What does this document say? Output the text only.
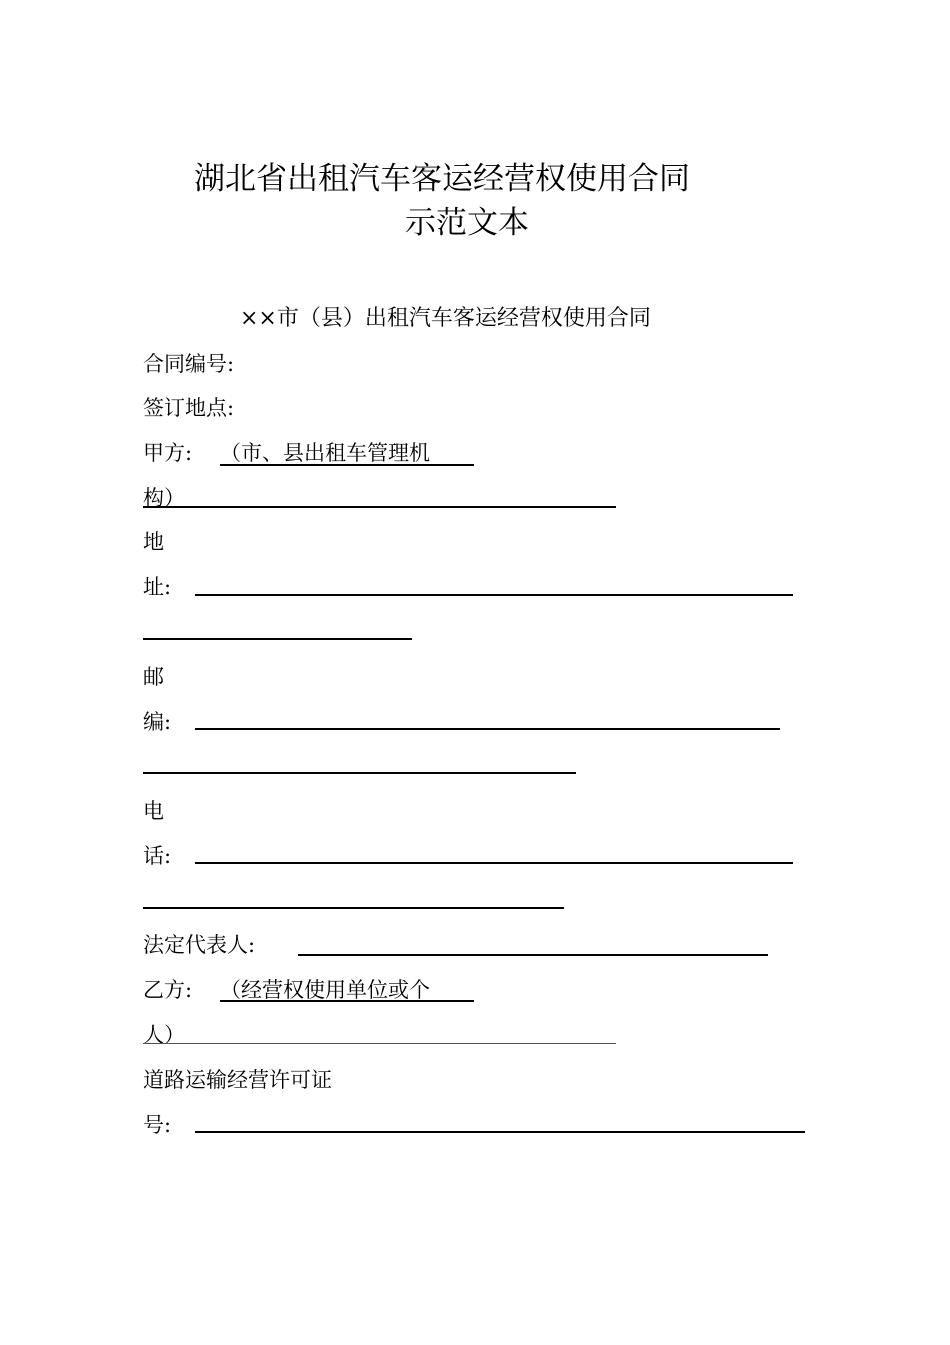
湖北省出租汽车客运经营权使用合同
示范文本
××市（县）出租汽车客运经营权使用合同
合同编号:
签订地点:
甲方: （市、县出租车管理机
构）
地
址:
邮
编:
电
话:
法定代表人:
乙方: （经营权使用单位或个
人）
道路运输经营许可证
号:
